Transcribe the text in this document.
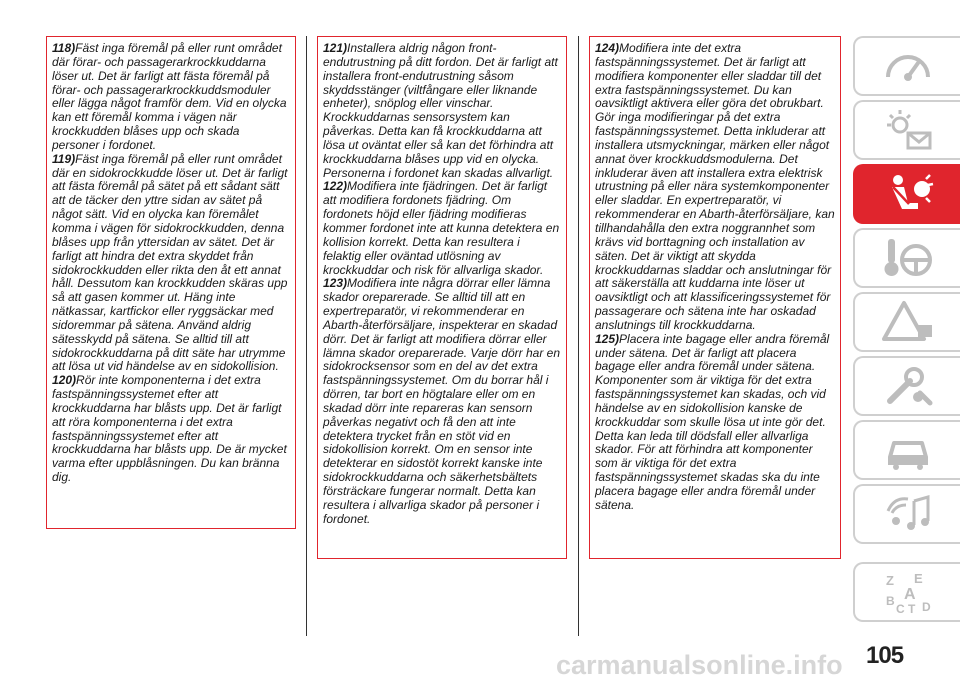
118)Fäst inga föremål på eller runt området där förar- och passagerarkrockkuddarna löser ut. Det är farligt att fästa föremål på förar- och passagerarkrockkuddsmoduler eller lägga något framför dem. Vid en olycka kan ett föremål komma i vägen när krockkudden blåses upp och skada personer i fordonet.

119)Fäst inga föremål på eller runt området där en sidokrockkudde löser ut. Det är farligt att fästa föremål på sätet på ett sådant sätt att de täcker den yttre sidan av sätet på något sätt. Vid en olycka kan föremålet komma i vägen för sidokrockkudden, denna blåses upp från yttersidan av sätet. Det är farligt att hindra det extra skyddet från sidokrockkudden eller rikta den åt ett annat håll. Dessutom kan krockkudden skäras upp så att gasen kommer ut. Häng inte nätkassar, kartfickor eller ryggsäckar med sidoremmar på sätena. Använd aldrig sätesskydd på sätena. Se alltid till att sidokrockkuddarna på ditt säte har utrymme att lösa ut vid händelse av en sidokollision.

120)Rör inte komponenterna i det extra fastspänningssystemet efter att krockkuddarna har blåsts upp. Det är farligt att röra komponenterna i det extra fastspänningssystemet efter att krockkuddarna har blåsts upp. De är mycket varma efter uppblåsningen. Du kan bränna dig.

121)Installera aldrig någon front-endutrustning på ditt fordon. Det är farligt att installera front-endutrustning såsom skyddsstänger (viltfångare eller liknande enheter), snöplog eller vinschar. Krockkuddarnas sensorsystem kan påverkas. Detta kan få krockkuddarna att lösa ut oväntat eller så kan det förhindra att krockkuddarna blåses upp vid en olycka. Personerna i fordonet kan skadas allvarligt.

122)Modifiera inte fjädringen. Det är farligt att modifiera fordonets fjädring. Om fordonets höjd eller fjädring modifieras kommer fordonet inte att kunna detektera en kollision korrekt. Detta kan resultera i felaktig eller oväntad utlösning av krockkuddar och risk för allvarliga skador.

123)Modifiera inte några dörrar eller lämna skador oreparerade. Se alltid till att en expertreparatör, vi rekommenderar en Abarth-återförsäljare, inspekterar en skadad dörr. Det är farligt att modifiera dörrar eller lämna skador oreparerade. Varje dörr har en sidokrocksensor som en del av det extra fastspänningssystemet. Om du borrar hål i dörren, tar bort en högtalare eller om en skadad dörr inte repareras kan sensorn påverkas negativt och få den att inte detektera trycket från en stöt vid en sidokollision korrekt. Om en sensor inte detekterar en sidostöt korrekt kanske inte sidokrockkuddarna och säkerhetsbältets försträckare fungerar normalt. Detta kan resultera i allvarliga skador på personer i fordonet.

124)Modifiera inte det extra fastspänningssystemet. Det är farligt att modifiera komponenter eller sladdar till det extra fastspänningssystemet. Du kan oavsiktligt aktivera eller göra det obrukbart. Gör inga modifieringar på det extra fastspänningssystemet. Detta inkluderar att installera utsmyckningar, märken eller något annat över krockkuddsmodulerna. Det inkluderar även att installera extra elektrisk utrustning på eller nära systemkomponenter eller sladdar. En expertreparatör, vi rekommenderar en Abarth-återförsäljare, kan tillhandahålla den extra noggrannhet som krävs vid borttagning och installation av säten. Det är viktigt att skydda krockkuddarnas sladdar och anslutningar för att säkerställa att kuddarna inte löser ut oavsiktligt och att klassificeringssystemet för passagerare och sätena inte har oskadad anslutnings till krockkuddarna.

125)Placera inte bagage eller andra föremål under sätena. Det är farligt att placera bagage eller andra föremål under sätena. Komponenter som är viktiga för det extra fastspänningssystemet kan skadas, och vid händelse av en sidokollision kanske de krockkuddar som skulle lösa ut inte gör det. Detta kan leda till dödsfall eller allvarliga skador. För att förhindra att komponenter som är viktiga för det extra fastspänningssystemet skadas ska du inte placera bagage eller andra föremål under sätena.

Z E
A
B
C T D
105
carmanualsonline.info
